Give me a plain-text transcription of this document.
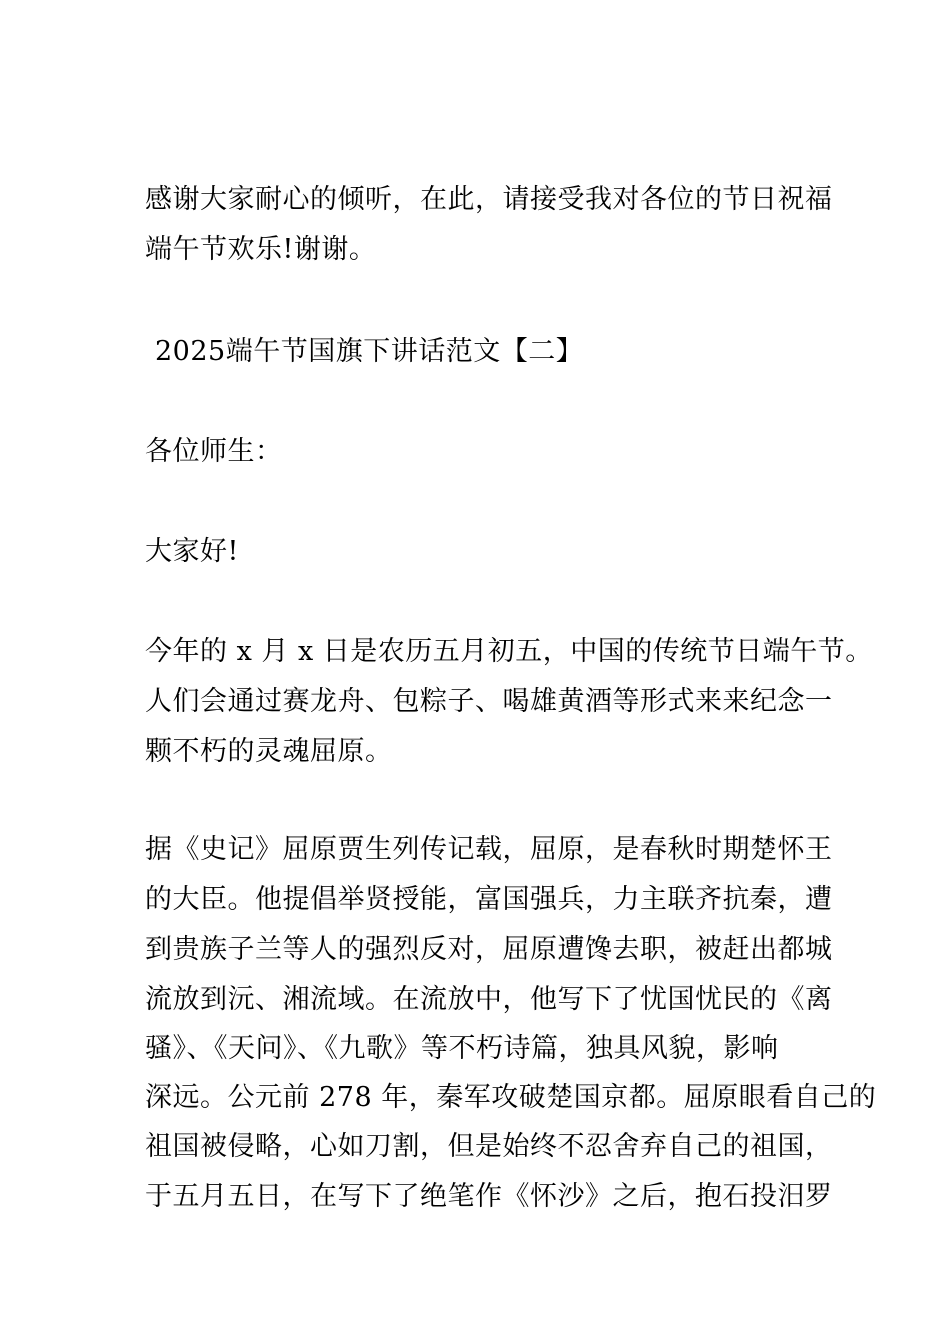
感谢大家耐心的倾听，在此，请接受我对各位的节日祝福
端午节欢乐!谢谢。
2025端午节国旗下讲话范文【二】
各位师生：
大家好!
今年的 x 月 x 日是农历五月初五，中国的传统节日端午节。
人们会通过赛龙舟、包粽子、喝雄黄酒等形式来来纪念一
颗不朽的灵魂屈原。
据《史记》屈原贾生列传记载，屈原，是春秋时期楚怀王
的大臣。他提倡举贤授能，富国强兵，力主联齐抗秦，遭
到贵族子兰等人的强烈反对，屈原遭馋去职，被赶出都城
流放到沅、湘流域。在流放中，他写下了忧国忧民的《离
骚》、《天问》、《九歌》等不朽诗篇，独具风貌，影响
深远。公元前 278 年，秦军攻破楚国京都。屈原眼看自己的
祖国被侵略，心如刀割，但是始终不忍舍弃自己的祖国，
于五月五日，在写下了绝笔作《怀沙》之后，抱石投汨罗
